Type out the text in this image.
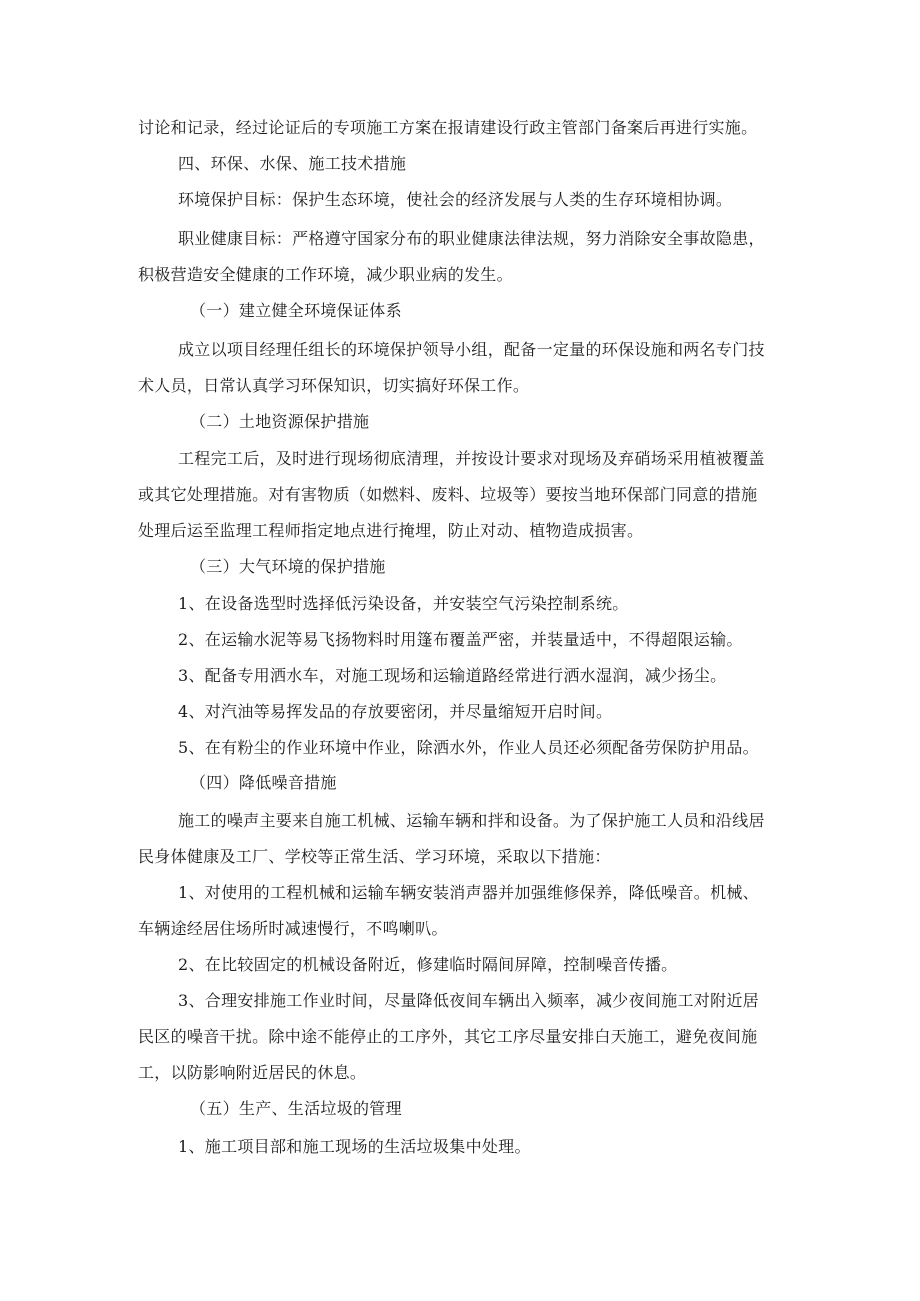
讨论和记录，经过论证后的专项施工方案在报请建设行政主管部门备案后再进行实施。

四、环保、水保、施工技术措施

环境保护目标：保护生态环境，使社会的经济发展与人类的生存环境相协调。

职业健康目标：严格遵守国家分布的职业健康法律法规，努力消除安全事故隐患，

积极营造安全健康的工作环境，减少职业病的发生。

（一）建立健全环境保证体系

成立以项目经理任组长的环境保护领导小组，配备一定量的环保设施和两名专门技

术人员，日常认真学习环保知识，切实搞好环保工作。

（二）土地资源保护措施

工程完工后，及时进行现场彻底清理，并按设计要求对现场及弃硝场采用植被覆盖

或其它处理措施。对有害物质（如燃料、废料、垃圾等）要按当地环保部门同意的措施

处理后运至监理工程师指定地点进行掩埋，防止对动、植物造成损害。

（三）大气环境的保护措施

1、在设备选型时选择低污染设备，并安装空气污染控制系统。

2、在运输水泥等易飞扬物料时用篷布覆盖严密，并装量适中，不得超限运输。

3、配备专用洒水车，对施工现场和运输道路经常进行洒水湿润，减少扬尘。

4、对汽油等易挥发品的存放要密闭，并尽量缩短开启时间。

5、在有粉尘的作业环境中作业，除洒水外，作业人员还必须配备劳保防护用品。

（四）降低噪音措施

施工的噪声主要来自施工机械、运输车辆和拌和设备。为了保护施工人员和沿线居

民身体健康及工厂、学校等正常生活、学习环境，采取以下措施：

1、对使用的工程机械和运输车辆安装消声器并加强维修保养，降低噪音。机械、

车辆途经居住场所时减速慢行，不鸣喇叭。

2、在比较固定的机械设备附近，修建临时隔间屏障，控制噪音传播。

3、合理安排施工作业时间，尽量降低夜间车辆出入频率，减少夜间施工对附近居

民区的噪音干扰。除中途不能停止的工序外，其它工序尽量安排白天施工，避免夜间施

工，以防影响附近居民的休息。

（五）生产、生活垃圾的管理

1、施工项目部和施工现场的生活垃圾集中处理。
